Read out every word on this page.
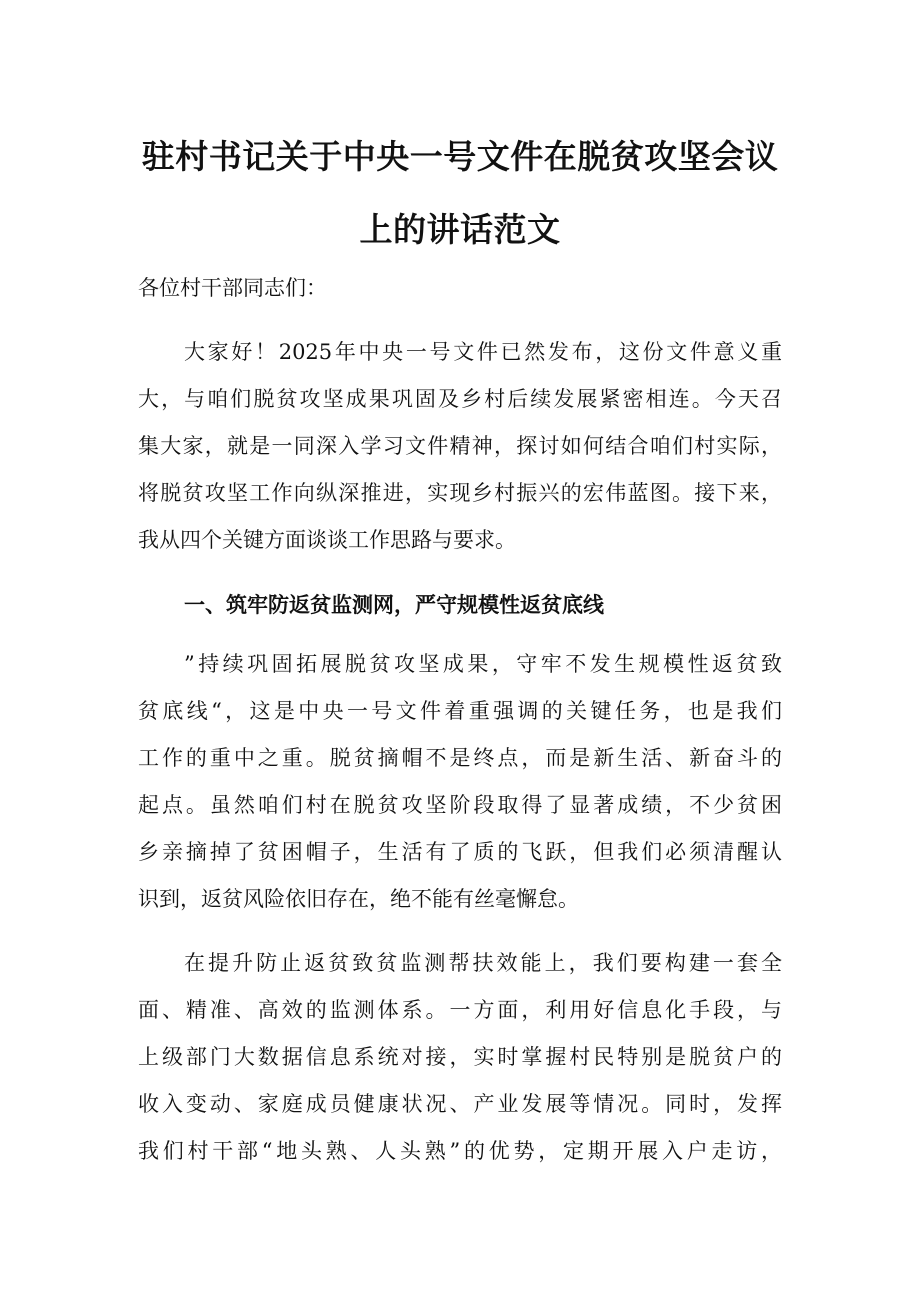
驻村书记关于中央一号文件在脱贫攻坚会议
上的讲话范文
各位村干部同志们：
大家好！2025年中央一号文件已然发布，这份文件意义重
大，与咱们脱贫攻坚成果巩固及乡村后续发展紧密相连。今天召
集大家，就是一同深入学习文件精神，探讨如何结合咱们村实际，
将脱贫攻坚工作向纵深推进，实现乡村振兴的宏伟蓝图。接下来，
我从四个关键方面谈谈工作思路与要求。
一、筑牢防返贫监测网，严守规模性返贫底线
”持续巩固拓展脱贫攻坚成果，守牢不发生规模性返贫致
贫底线“，这是中央一号文件着重强调的关键任务，也是我们
工作的重中之重。脱贫摘帽不是终点，而是新生活、新奋斗的
起点。虽然咱们村在脱贫攻坚阶段取得了显著成绩，不少贫困
乡亲摘掉了贫困帽子，生活有了质的飞跃，但我们必须清醒认
识到，返贫风险依旧存在，绝不能有丝毫懈怠。
在提升防止返贫致贫监测帮扶效能上，我们要构建一套全
面、精准、高效的监测体系。一方面，利用好信息化手段，与
上级部门大数据信息系统对接，实时掌握村民特别是脱贫户的
收入变动、家庭成员健康状况、产业发展等情况。同时，发挥
我们村干部“地头熟、人头熟”的优势，定期开展入户走访，
